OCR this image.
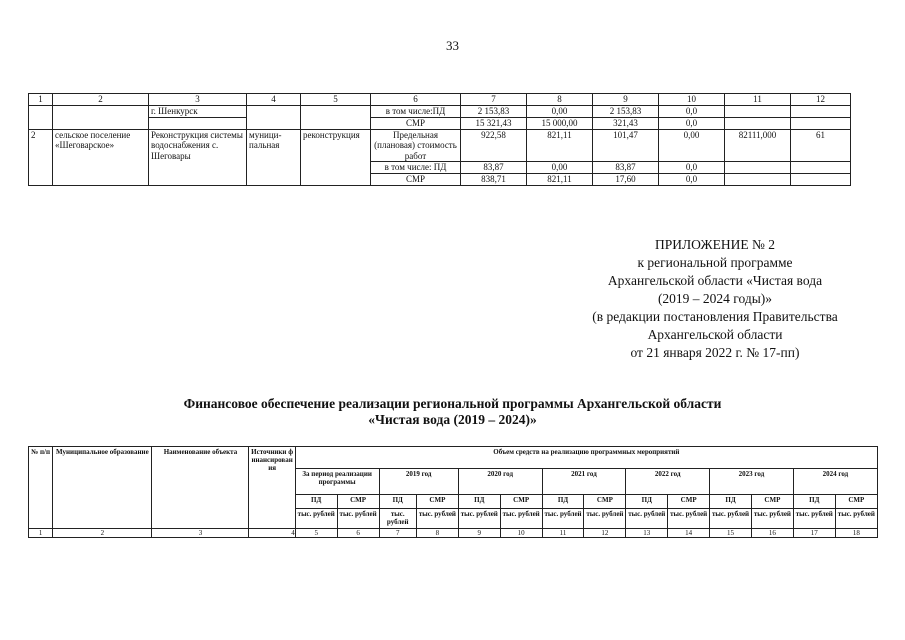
33
1	2	3	4	5	6	7	8	9	10	11	12
		г. Шенкурск			в том числе:ПД	2 153,83	0,00	2 153,83	0,0		
					СМР	15 321,43	15 000,00	321,43	0,0		
2	сельское поселение «Шеговарское»	Реконструкция системы водоснабжения с. Шеговары	муници-пальная	реконструкция	Предельная (плановая) стоимость работ	922,58	821,11	101,47	0,00	82111,000	61
					в том числе: ПД	83,87	0,00	83,87	0,0		
					СМР	838,71	821,11	17,60	0,0		
ПРИЛОЖЕНИЕ № 2
к региональной программе
Архангельской области «Чистая вода
(2019 – 2024 годы)»
(в редакции постановления Правительства
Архангельской области
от 21 января 2022 г. № 17-пп)
Финансовое обеспечение реализации региональной программы Архангельской области
«Чистая вода (2019 – 2024)»
№ п/п	Муниципальное образование	Наименование объекта	Источники финансирования	Объем средств на реализацию программных мероприятий													
				За период реализации программы		2019 год		2020 год		2021 год		2022 год		2023 год		2024 год	
				ПД	СМР	ПД	СМР	ПД	СМР	ПД	СМР	ПД	СМР	ПД	СМР	ПД	СМР
				тыс. рублей	тыс. рублей	тыс. рублей	тыс. рублей	тыс. рублей	тыс. рублей	тыс. рублей	тыс. рублей	тыс. рублей	тыс. рублей	тыс. рублей	тыс. рублей	тыс. рублей	тыс. рублей
1	2	3	4	5	6	7	8	9	10	11	12	13	14	15	16	17	18
